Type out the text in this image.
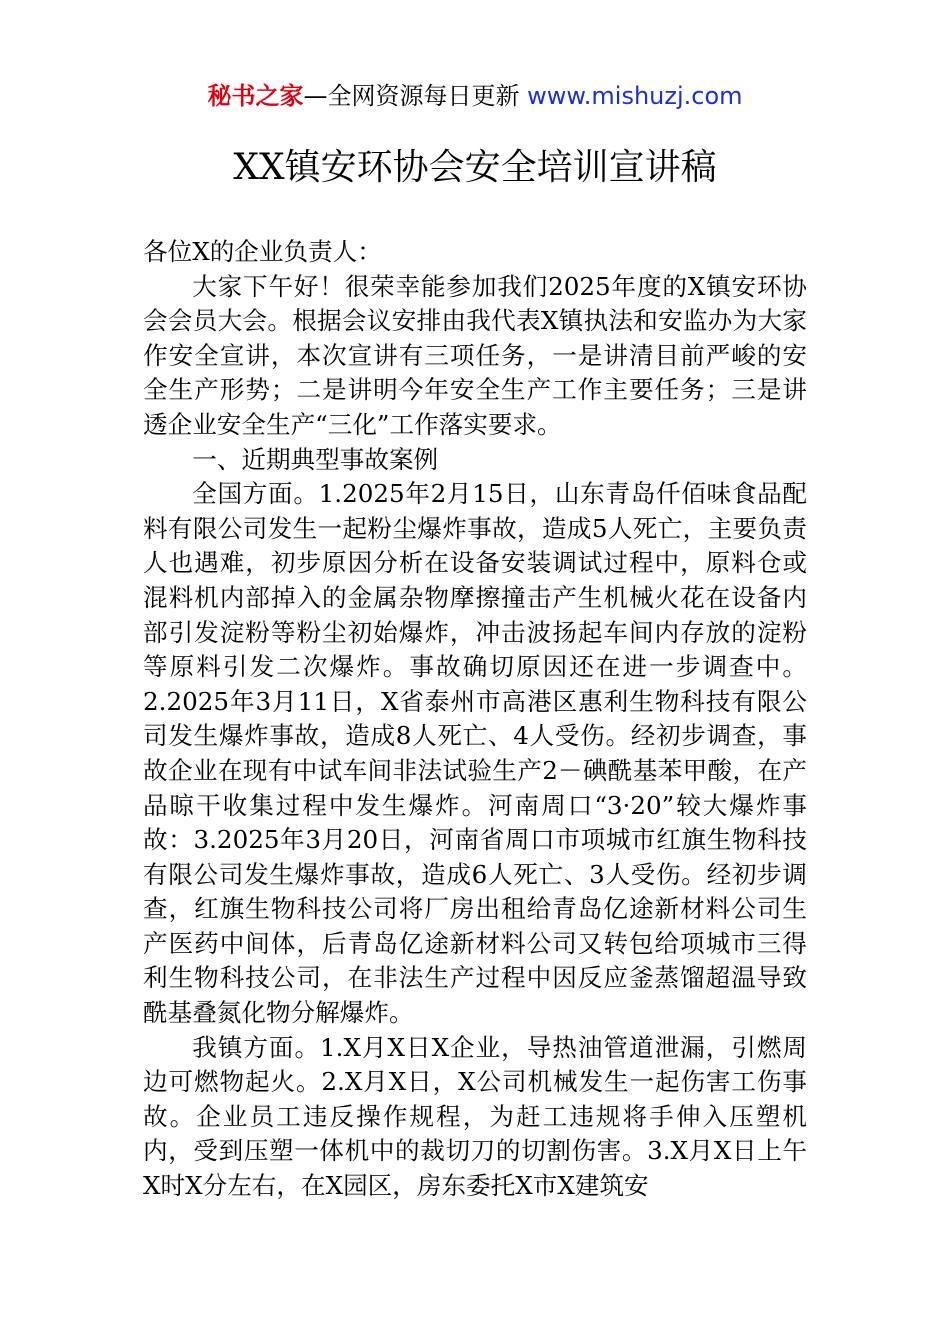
秘书之家—全网资源每日更新 www.mishuzj.com
XX镇安环协会安全培训宣讲稿

各位X的企业负责人：

大家下午好！很荣幸能参加我们2025年度的X镇安环协会会员大会。根据会议安排由我代表X镇执法和安监办为大家作安全宣讲，本次宣讲有三项任务，一是讲清目前严峻的安全生产形势；二是讲明今年安全生产工作主要任务；三是讲透企业安全生产“三化”工作落实要求。

一、近期典型事故案例

全国方面。1.2025年2月15日，山东青岛仟佰味食品配料有限公司发生一起粉尘爆炸事故，造成5人死亡，主要负责人也遇难，初步原因分析在设备安装调试过程中，原料仓或混料机内部掉入的金属杂物摩擦撞击产生机械火花在设备内部引发淀粉等粉尘初始爆炸，冲击波扬起车间内存放的淀粉等原料引发二次爆炸。事故确切原因还在进一步调查中。2.2025年3月11日，X省泰州市高港区惠利生物科技有限公司发生爆炸事故，造成8人死亡、4人受伤。经初步调查，事故企业在现有中试车间非法试验生产2－碘酰基苯甲酸，在产品晾干收集过程中发生爆炸。河南周口“3·20”较大爆炸事故：3.2025年3月20日，河南省周口市项城市红旗生物科技有限公司发生爆炸事故，造成6人死亡、3人受伤。经初步调查，红旗生物科技公司将厂房出租给青岛亿途新材料公司生产医药中间体，后青岛亿途新材料公司又转包给项城市三得利生物科技公司，在非法生产过程中因反应釜蒸馏超温导致酰基叠氮化物分解爆炸。

我镇方面。1.X月X日X企业，导热油管道泄漏，引燃周边可燃物起火。2.X月X日，X公司机械发生一起伤害工伤事故。企业员工违反操作规程，为赶工违规将手伸入压塑机内，受到压塑一体机中的裁切刀的切割伤害。3.X月X日上午X时X分左右，在X园区，房东委托X市X建筑安
